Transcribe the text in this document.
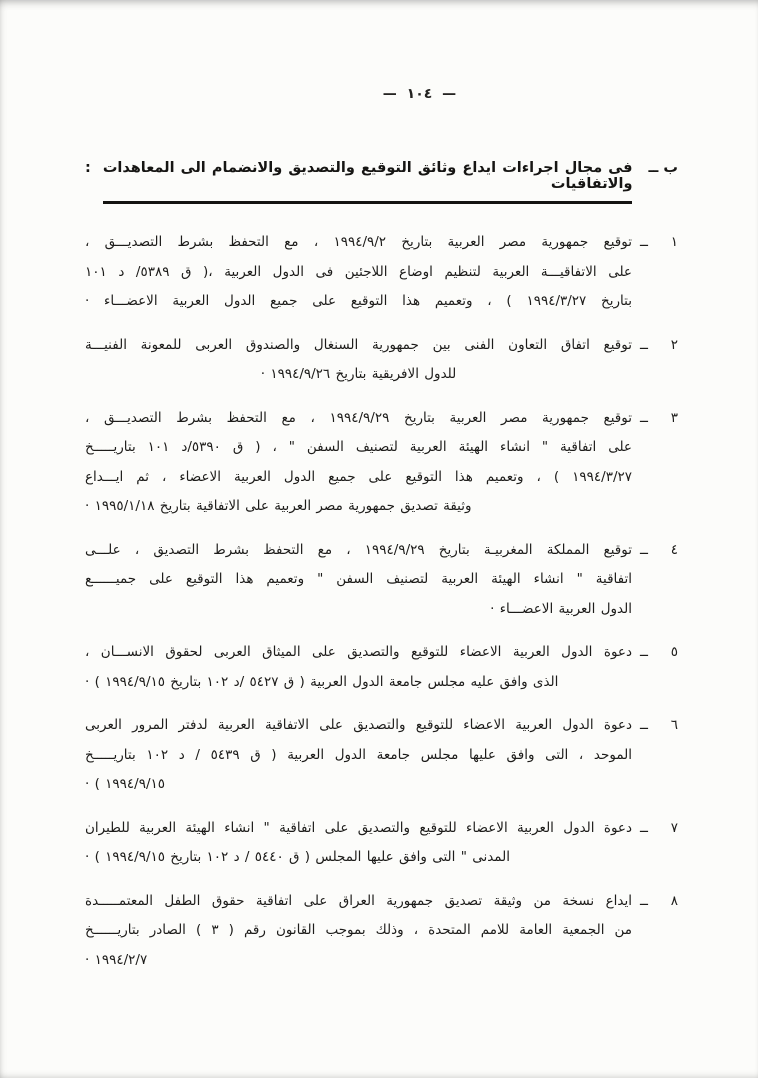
— ١٠٤ —
ب ــ
فى مجال اجراءات ايداع وثائق التوقيع والتصديق والانضمام الى المعاهدات والاتفاقيات
:
١
ــ
توقيع جمهورية مصر العربية بتاريخ ١٩٩٤/٩/٢ ، مع التحفظ بشرط التصديـــق ،
على الاتفاقيـــة العربية لتنظيم اوضاع اللاجئين فى الدول العربية ،( ق ٥٣٨٩/ د ١٠١
بتاريخ ١٩٩٤/٣/٢٧ ) ، وتعميم هذا التوقيع على جميع الدول العربية الاعضـــاء ·
٢
ــ
توقيع اتفاق التعاون الفنى بين جمهورية السنغال والصندوق العربى للمعونة الفنيـــة
للدول الافريقية بتاريخ ١٩٩٤/٩/٢٦ ·
٣
ــ
توقيع جمهورية مصر العربية بتاريخ ١٩٩٤/٩/٢٩ ، مع التحفظ بشرط التصديـــق ،
على اتفاقية " انشاء الهيئة العربية لتصنيف السفن " ، ( ق ٥٣٩٠/د ١٠١ بتاريـــــخ
١٩٩٤/٣/٢٧ ) ، وتعميم هذا التوقيع على جميع الدول العربية الاعضاء ، ثم ايـــداع
وثيقة تصديق جمهورية مصر العربية على الاتفاقية بتاريخ ١٩٩٥/١/١٨ ·
٤
ــ
توقيع المملكة المغربيـة بتاريخ ١٩٩٤/٩/٢٩ ، مع التحفظ بشرط التصديق ، علـــى
اتفاقية " انشاء الهيئة العربية لتصنيف السفن " وتعميم هذا التوقيع على جميــــــع
الدول العربية الاعضـــاء ·
٥
ــ
دعوة الدول العربية الاعضاء للتوقيع والتصديق على الميثاق العربى لحقوق الانســـان ،
الذى وافق عليه مجلس جامعة الدول العربية ( ق ٥٤٢٧ /د ١٠٢ بتاريخ ١٩٩٤/٩/١٥ ) ·
٦
ــ
دعوة الدول العربية الاعضاء للتوقيع والتصديق على الاتفاقية العربية لدفتر المرور العربى
الموحد ، التى وافق عليها مجلس جامعة الدول العربية ( ق ٥٤٣٩ / د ١٠٢ بتاريـــــخ
١٩٩٤/٩/١٥ ) ·
٧
ــ
دعوة الدول العربية الاعضاء للتوقيع والتصديق على اتفاقية " انشاء الهيئة العربية للطيران
المدنى " التى وافق عليها المجلس ( ق ٥٤٤٠ / د ١٠٢ بتاريخ ١٩٩٤/٩/١٥ ) ·
٨
ــ
ايداع نسخة من وثيقة تصديق جمهورية العراق على اتفاقية حقوق الطفل المعتمـــــدة
من الجمعية العامة للامم المتحدة ، وذلك بموجب القانون رقم ( ٣ ) الصادر بتاريــــــخ
١٩٩٤/٢/٧ ·
